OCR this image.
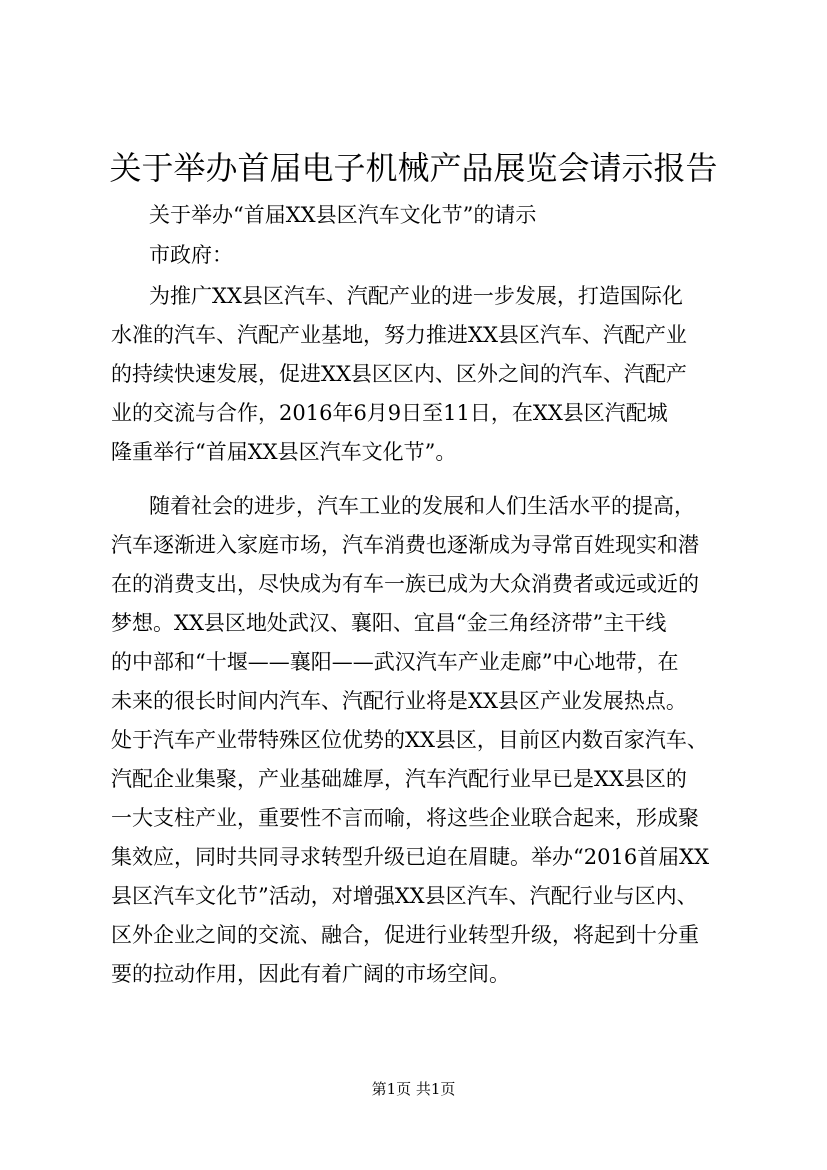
关于举办首届电子机械产品展览会请示报告
关于举办“首届XX县区汽车文化节”的请示
市政府：
为推广XX县区汽车、汽配产业的进一步发展，打造国际化
水准的汽车、汽配产业基地，努力推进XX县区汽车、汽配产业
的持续快速发展，促进XX县区区内、区外之间的汽车、汽配产
业的交流与合作，2016年6月9日至11日，在XX县区汽配城
隆重举行“首届XX县区汽车文化节”。
随着社会的进步，汽车工业的发展和人们生活水平的提高，
汽车逐渐进入家庭市场，汽车消费也逐渐成为寻常百姓现实和潜
在的消费支出，尽快成为有车一族已成为大众消费者或远或近的
梦想。XX县区地处武汉、襄阳、宜昌“金三角经济带”主干线
的中部和“十堰——襄阳——武汉汽车产业走廊”中心地带，在
未来的很长时间内汽车、汽配行业将是XX县区产业发展热点。
处于汽车产业带特殊区位优势的XX县区，目前区内数百家汽车、
汽配企业集聚，产业基础雄厚，汽车汽配行业早已是XX县区的
一大支柱产业，重要性不言而喻，将这些企业联合起来，形成聚
集效应，同时共同寻求转型升级已迫在眉睫。举办“2016首届XX
县区汽车文化节”活动，对增强XX县区汽车、汽配行业与区内、
区外企业之间的交流、融合，促进行业转型升级，将起到十分重
要的拉动作用，因此有着广阔的市场空间。
第1页 共1页
